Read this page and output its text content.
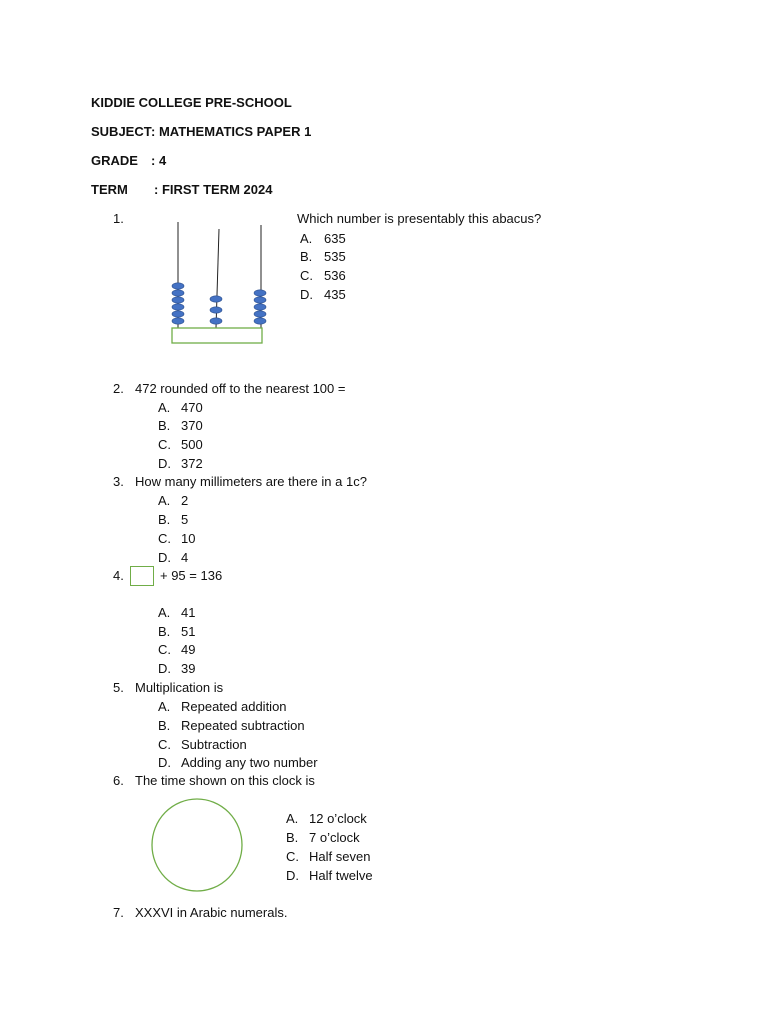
KIDDIE COLLEGE PRE-SCHOOL
SUBJECT : MATHEMATICS PAPER 1
GRADE : 4
TERM : FIRST TERM 2024
1.	Which number is presentably this abacus?
A. 635
B. 535
C. 536
D. 435
2. 472 rounded off to the nearest 100 =
A. 470
B. 370
C. 500
D. 372
3. How many millimeters are there in a 1c?
A. 2
B. 5
C. 10
D. 4
4.	+ 95 = 136
A. 41
B. 51
C. 49
D. 39
5. Multiplication is
A. Repeated addition
B. Repeated subtraction
C. Subtraction
D. Adding any two number
6. The time shown on this clock is
A. 12 o’clock
B. 7 o’clock
C. Half seven
D. Half twelve
7. XXXVI in Arabic numerals.
